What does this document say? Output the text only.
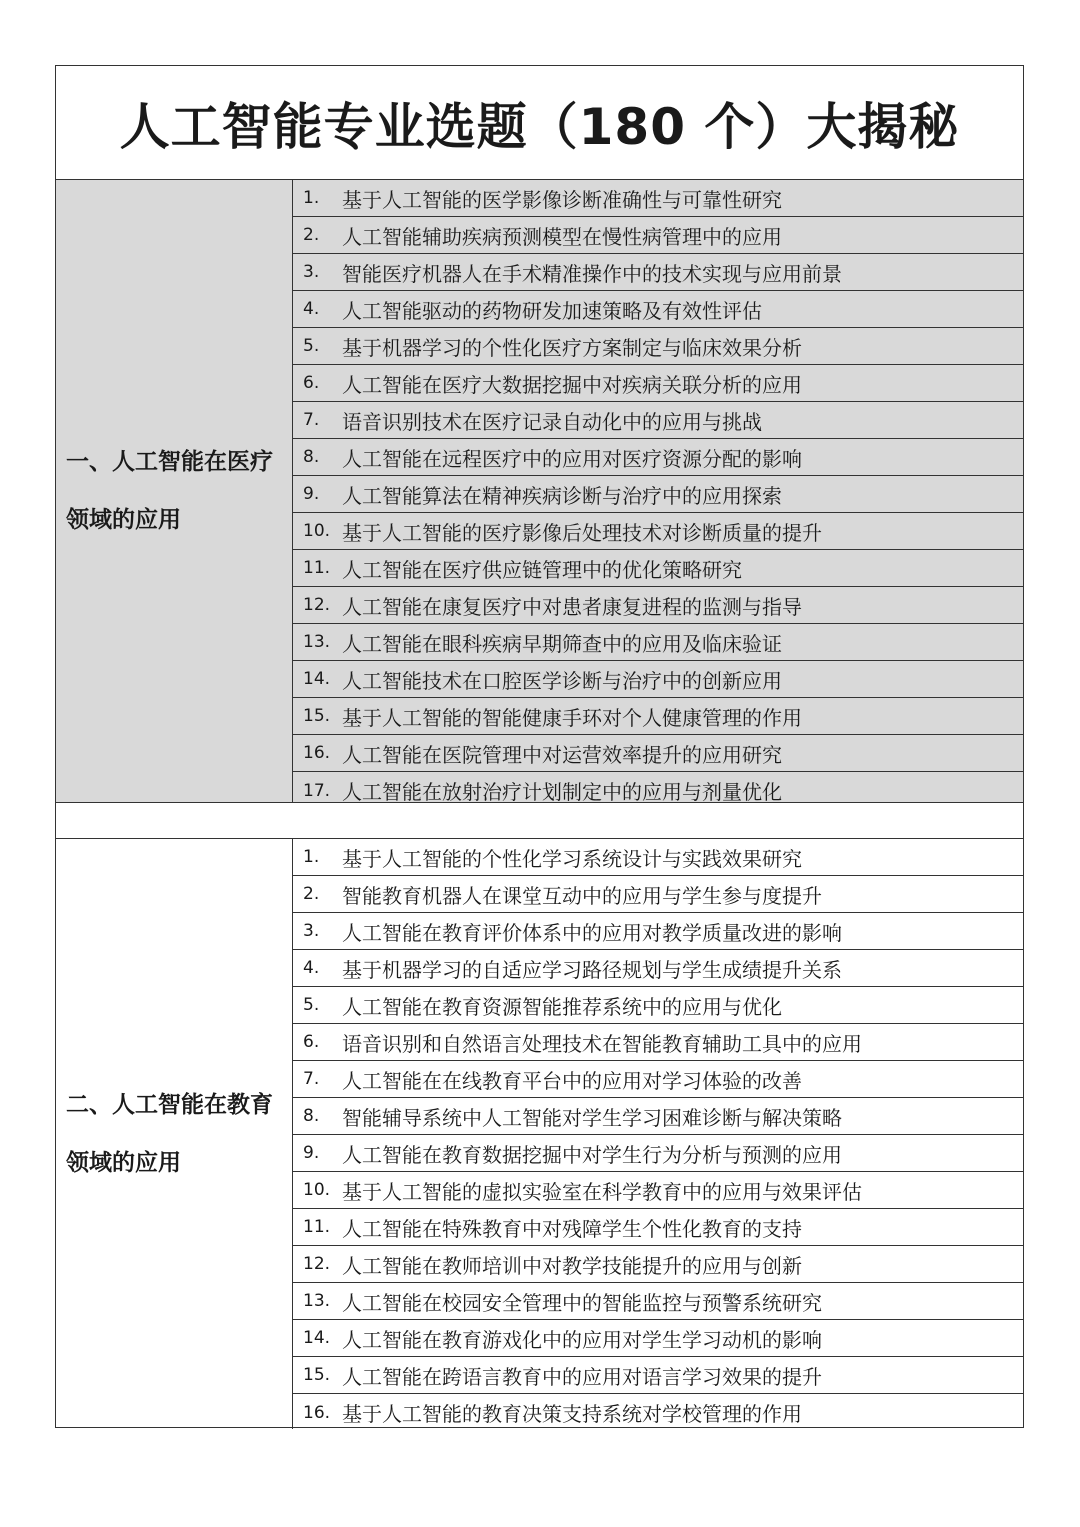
人工智能专业选题（180 个）大揭秘
一、人工智能在医疗领域的应用
1.	基于人工智能的医学影像诊断准确性与可靠性研究
2.	人工智能辅助疾病预测模型在慢性病管理中的应用
3.	智能医疗机器人在手术精准操作中的技术实现与应用前景
4.	人工智能驱动的药物研发加速策略及有效性评估
5.	基于机器学习的个性化医疗方案制定与临床效果分析
6.	人工智能在医疗大数据挖掘中对疾病关联分析的应用
7.	语音识别技术在医疗记录自动化中的应用与挑战
8.	人工智能在远程医疗中的应用对医疗资源分配的影响
9.	人工智能算法在精神疾病诊断与治疗中的应用探索
10. 基于人工智能的医疗影像后处理技术对诊断质量的提升
11. 人工智能在医疗供应链管理中的优化策略研究
12. 人工智能在康复医疗中对患者康复进程的监测与指导
13. 人工智能在眼科疾病早期筛查中的应用及临床验证
14. 人工智能技术在口腔医学诊断与治疗中的创新应用
15. 基于人工智能的智能健康手环对个人健康管理的作用
16. 人工智能在医院管理中对运营效率提升的应用研究
17. 人工智能在放射治疗计划制定中的应用与剂量优化
二、人工智能在教育领域的应用
1.	基于人工智能的个性化学习系统设计与实践效果研究
2.	智能教育机器人在课堂互动中的应用与学生参与度提升
3.	人工智能在教育评价体系中的应用对教学质量改进的影响
4.	基于机器学习的自适应学习路径规划与学生成绩提升关系
5.	人工智能在教育资源智能推荐系统中的应用与优化
6.	语音识别和自然语言处理技术在智能教育辅助工具中的应用
7.	人工智能在在线教育平台中的应用对学习体验的改善
8.	智能辅导系统中人工智能对学生学习困难诊断与解决策略
9.	人工智能在教育数据挖掘中对学生行为分析与预测的应用
10. 基于人工智能的虚拟实验室在科学教育中的应用与效果评估
11. 人工智能在特殊教育中对残障学生个性化教育的支持
12. 人工智能在教师培训中对教学技能提升的应用与创新
13. 人工智能在校园安全管理中的智能监控与预警系统研究
14. 人工智能在教育游戏化中的应用对学生学习动机的影响
15. 人工智能在跨语言教育中的应用对语言学习效果的提升
16. 基于人工智能的教育决策支持系统对学校管理的作用
